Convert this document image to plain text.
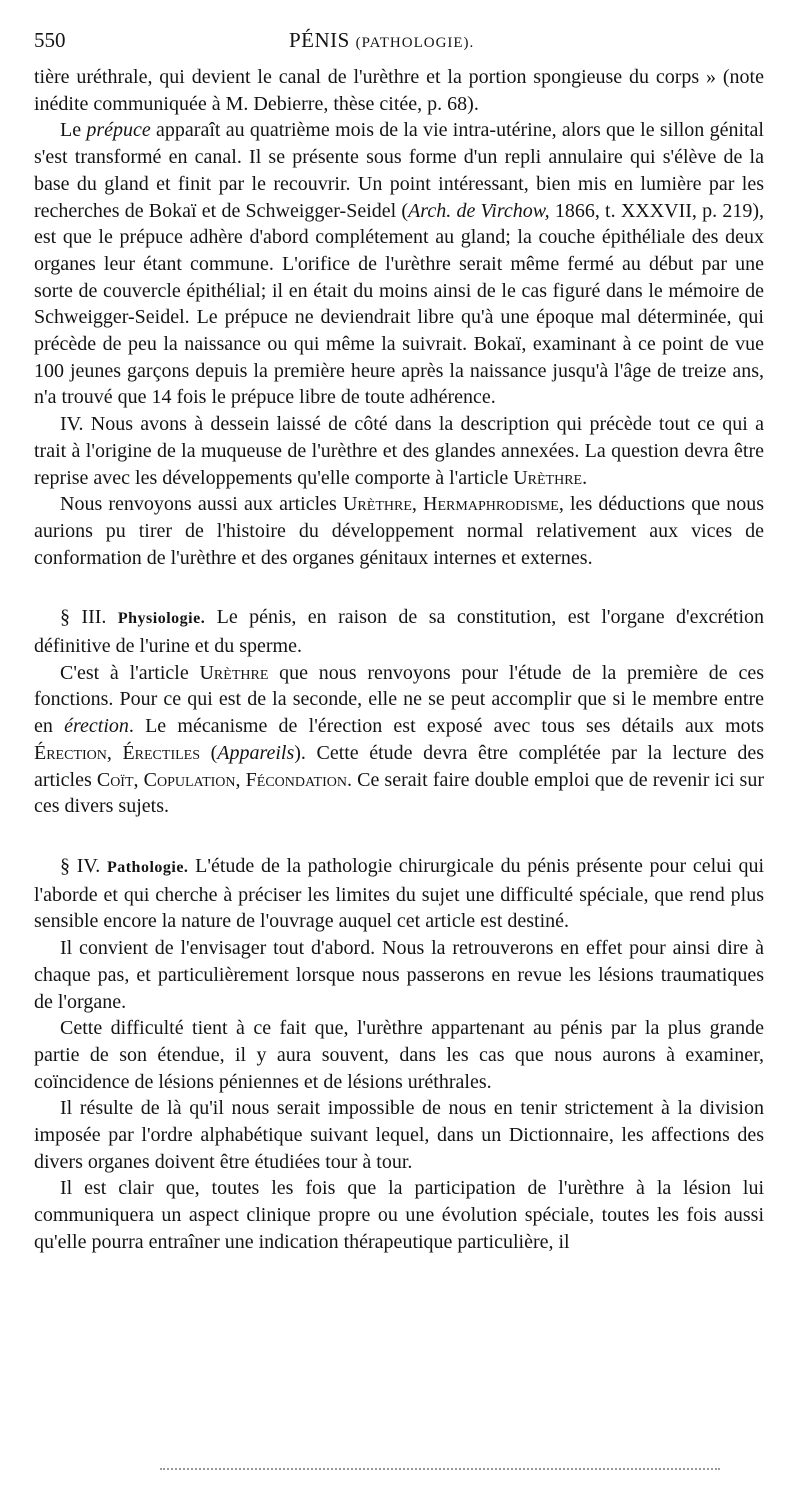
550	PÉNIS (PATHOLOGIE).

tière uréthrale, qui devient le canal de l'urèthre et la portion spongieuse du corps » (note inédite communiquée à M. Debierre, thèse citée, p. 68).

Le prépuce apparaît au quatrième mois de la vie intra-utérine, alors que le sillon génital s'est transformé en canal. Il se présente sous forme d'un repli annulaire qui s'élève de la base du gland et finit par le recouvrir. Un point intéressant, bien mis en lumière par les recherches de Bokaï et de Schweigger-Seidel (Arch. de Virchow, 1866, t. XXXVII, p. 219), est que le prépuce adhère d'abord complétement au gland; la couche épithéliale des deux organes leur étant commune. L'orifice de l'urèthre serait même fermé au début par une sorte de couvercle épithélial; il en était du moins ainsi de le cas figuré dans le mémoire de Schweigger-Seidel. Le prépuce ne deviendrait libre qu'à une époque mal déterminée, qui précède de peu la naissance ou qui même la suivrait. Bokaï, examinant à ce point de vue 100 jeunes garçons depuis la première heure après la naissance jusqu'à l'âge de treize ans, n'a trouvé que 14 fois le prépuce libre de toute adhérence.

IV. Nous avons à dessein laissé de côté dans la description qui précède tout ce qui a trait à l'origine de la muqueuse de l'urèthre et des glandes annexées. La question devra être reprise avec les développements qu'elle comporte à l'article Urèthre.

Nous renvoyons aussi aux articles Urèthre, Hermaphrodisme, les déductions que nous aurions pu tirer de l'histoire du développement normal relativement aux vices de conformation de l'urèthre et des organes génitaux internes et externes.

§ III. Physiologie. Le pénis, en raison de sa constitution, est l'organe d'excrétion définitive de l'urine et du sperme.

C'est à l'article Urèthre que nous renvoyons pour l'étude de la première de ces fonctions. Pour ce qui est de la seconde, elle ne se peut accomplir que si le membre entre en érection. Le mécanisme de l'érection est exposé avec tous ses détails aux mots Érection, Érectiles (Appareils). Cette étude devra être complétée par la lecture des articles Coït, Copulation, Fécondation. Ce serait faire double emploi que de revenir ici sur ces divers sujets.

§ IV. Pathologie. L'étude de la pathologie chirurgicale du pénis présente pour celui qui l'aborde et qui cherche à préciser les limites du sujet une difficulté spéciale, que rend plus sensible encore la nature de l'ouvrage auquel cet article est destiné.

Il convient de l'envisager tout d'abord. Nous la retrouverons en effet pour ainsi dire à chaque pas, et particulièrement lorsque nous passerons en revue les lésions traumatiques de l'organe.

Cette difficulté tient à ce fait que, l'urèthre appartenant au pénis par la plus grande partie de son étendue, il y aura souvent, dans les cas que nous aurons à examiner, coïncidence de lésions péniennes et de lésions uréthrales.

Il résulte de là qu'il nous serait impossible de nous en tenir strictement à la division imposée par l'ordre alphabétique suivant lequel, dans un Dictionnaire, les affections des divers organes doivent être étudiées tour à tour.

Il est clair que, toutes les fois que la participation de l'urèthre à la lésion lui communiquera un aspect clinique propre ou une évolution spéciale, toutes les fois aussi qu'elle pourra entraîner une indication thérapeutique particulière, il
